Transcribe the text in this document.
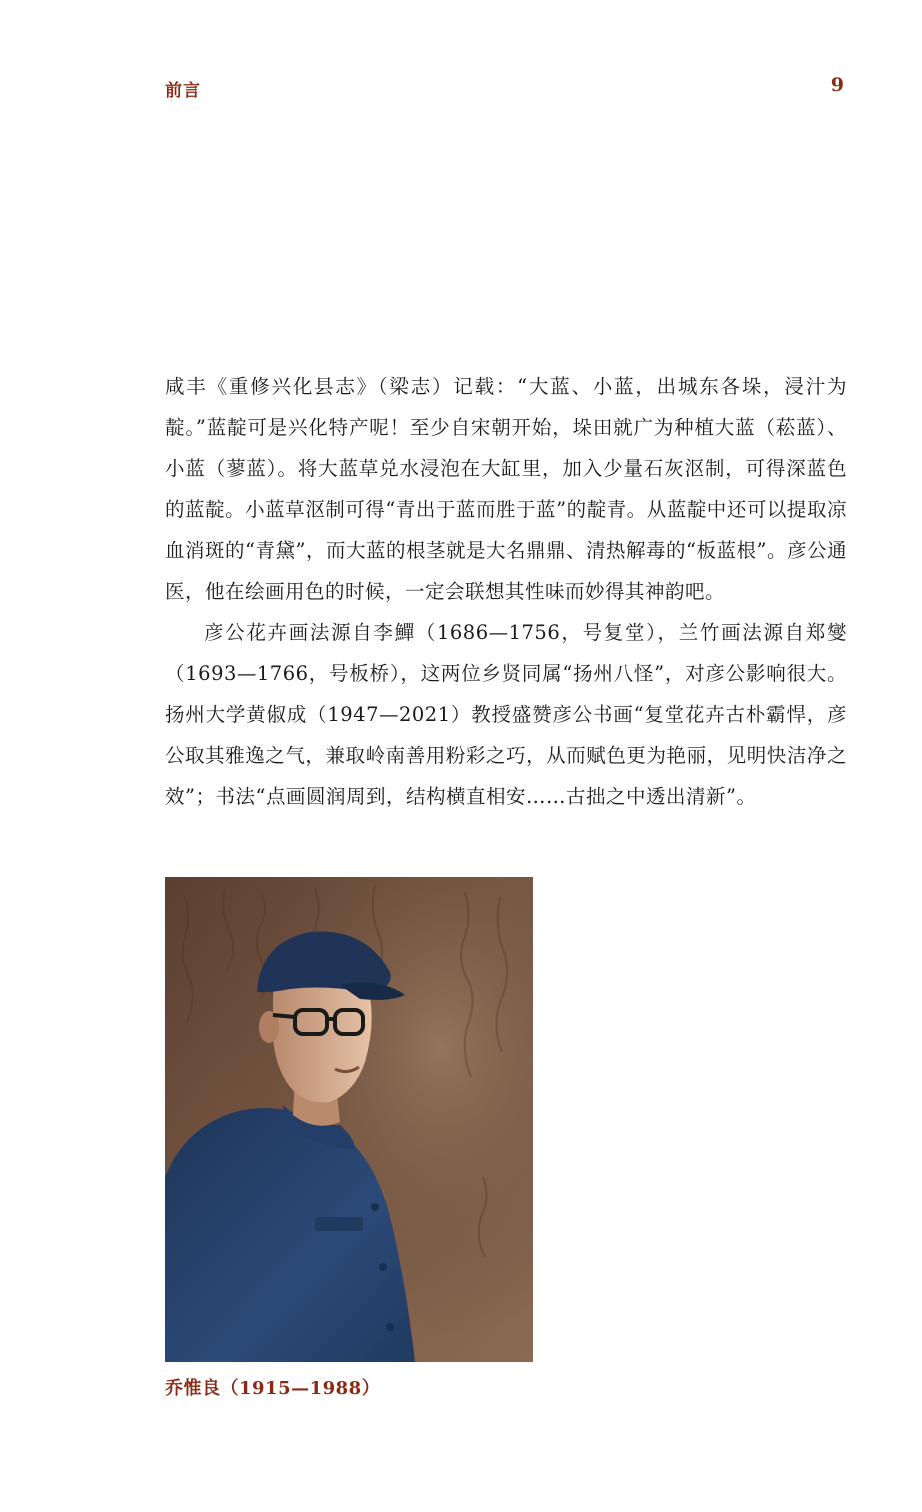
前言	9

咸丰《重修兴化县志》（梁志）记载：“大蓝、小蓝，出城东各垛，浸汁为靛。”蓝靛可是兴化特产呢！至少自宋朝开始，垛田就广为种植大蓝（菘蓝）、小蓝（蓼蓝）。将大蓝草兑水浸泡在大缸里，加入少量石灰沤制，可得深蓝色的蓝靛。小蓝草沤制可得“青出于蓝而胜于蓝”的靛青。从蓝靛中还可以提取凉血消斑的“青黛”，而大蓝的根茎就是大名鼎鼎、清热解毒的“板蓝根”。彦公通医，他在绘画用色的时候，一定会联想其性味而妙得其神韵吧。

彦公花卉画法源自李鱓（1686—1756，号复堂），兰竹画法源自郑燮（1693—1766，号板桥），这两位乡贤同属“扬州八怪”，对彦公影响很大。扬州大学黄俶成（1947—2021）教授盛赞彦公书画“复堂花卉古朴霸悍，彦公取其雅逸之气，兼取岭南善用粉彩之巧，从而赋色更为艳丽，见明快洁净之效”；书法“点画圆润周到，结构横直相安……古拙之中透出清新”。

乔惟良（1915—1988）
